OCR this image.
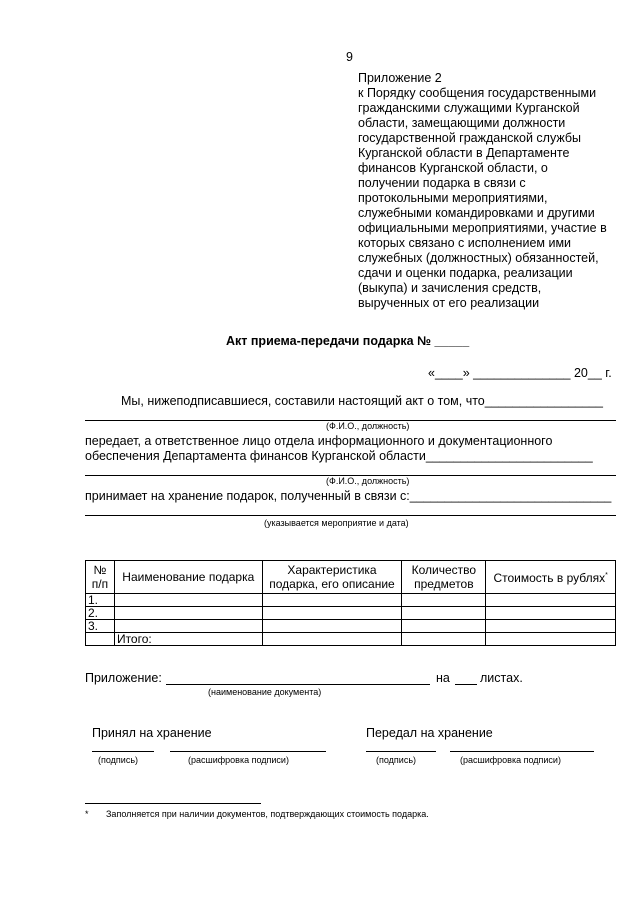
9
Приложение 2
к Порядку сообщения государственными
гражданскими служащими Курганской
области, замещающими должности
государственной гражданской службы
Курганской области в Департаменте
финансов Курганской области, о
получении подарка в связи с
протокольными мероприятиями,
служебными командировками и другими
официальными мероприятиями, участие в
которых связано с исполнением ими
служебных (должностных) обязанностей,
сдачи и оценки подарка, реализации
(выкупа) и зачисления средств,
вырученных от его реализации
Акт приема-передачи подарка № _____
«____» ______________ 20__ г.
Мы, нижеподписавшиеся, составили настоящий акт о том, что_________________
(Ф.И.О., должность)
передает, а ответственное лицо отдела информационного и документационного
обеспечения Департамента финансов Курганской области________________________
(Ф.И.О., должность)
принимает на хранение подарок, полученный в связи с:_____________________________
(указывается мероприятие и дата)
№ п/п	Наименование подарка	Характеристика подарка, его описание	Количество предметов	Стоимость в рублях*
1.				
2.				
3.				
	Итого:			
Приложение:	на листах.
(наименование документа)
Принял на хранение
(подпись)	(расшифровка подписи)
Передал на хранение
(подпись)	(расшифровка подписи)
* Заполняется при наличии документов, подтверждающих стоимость подарка.
